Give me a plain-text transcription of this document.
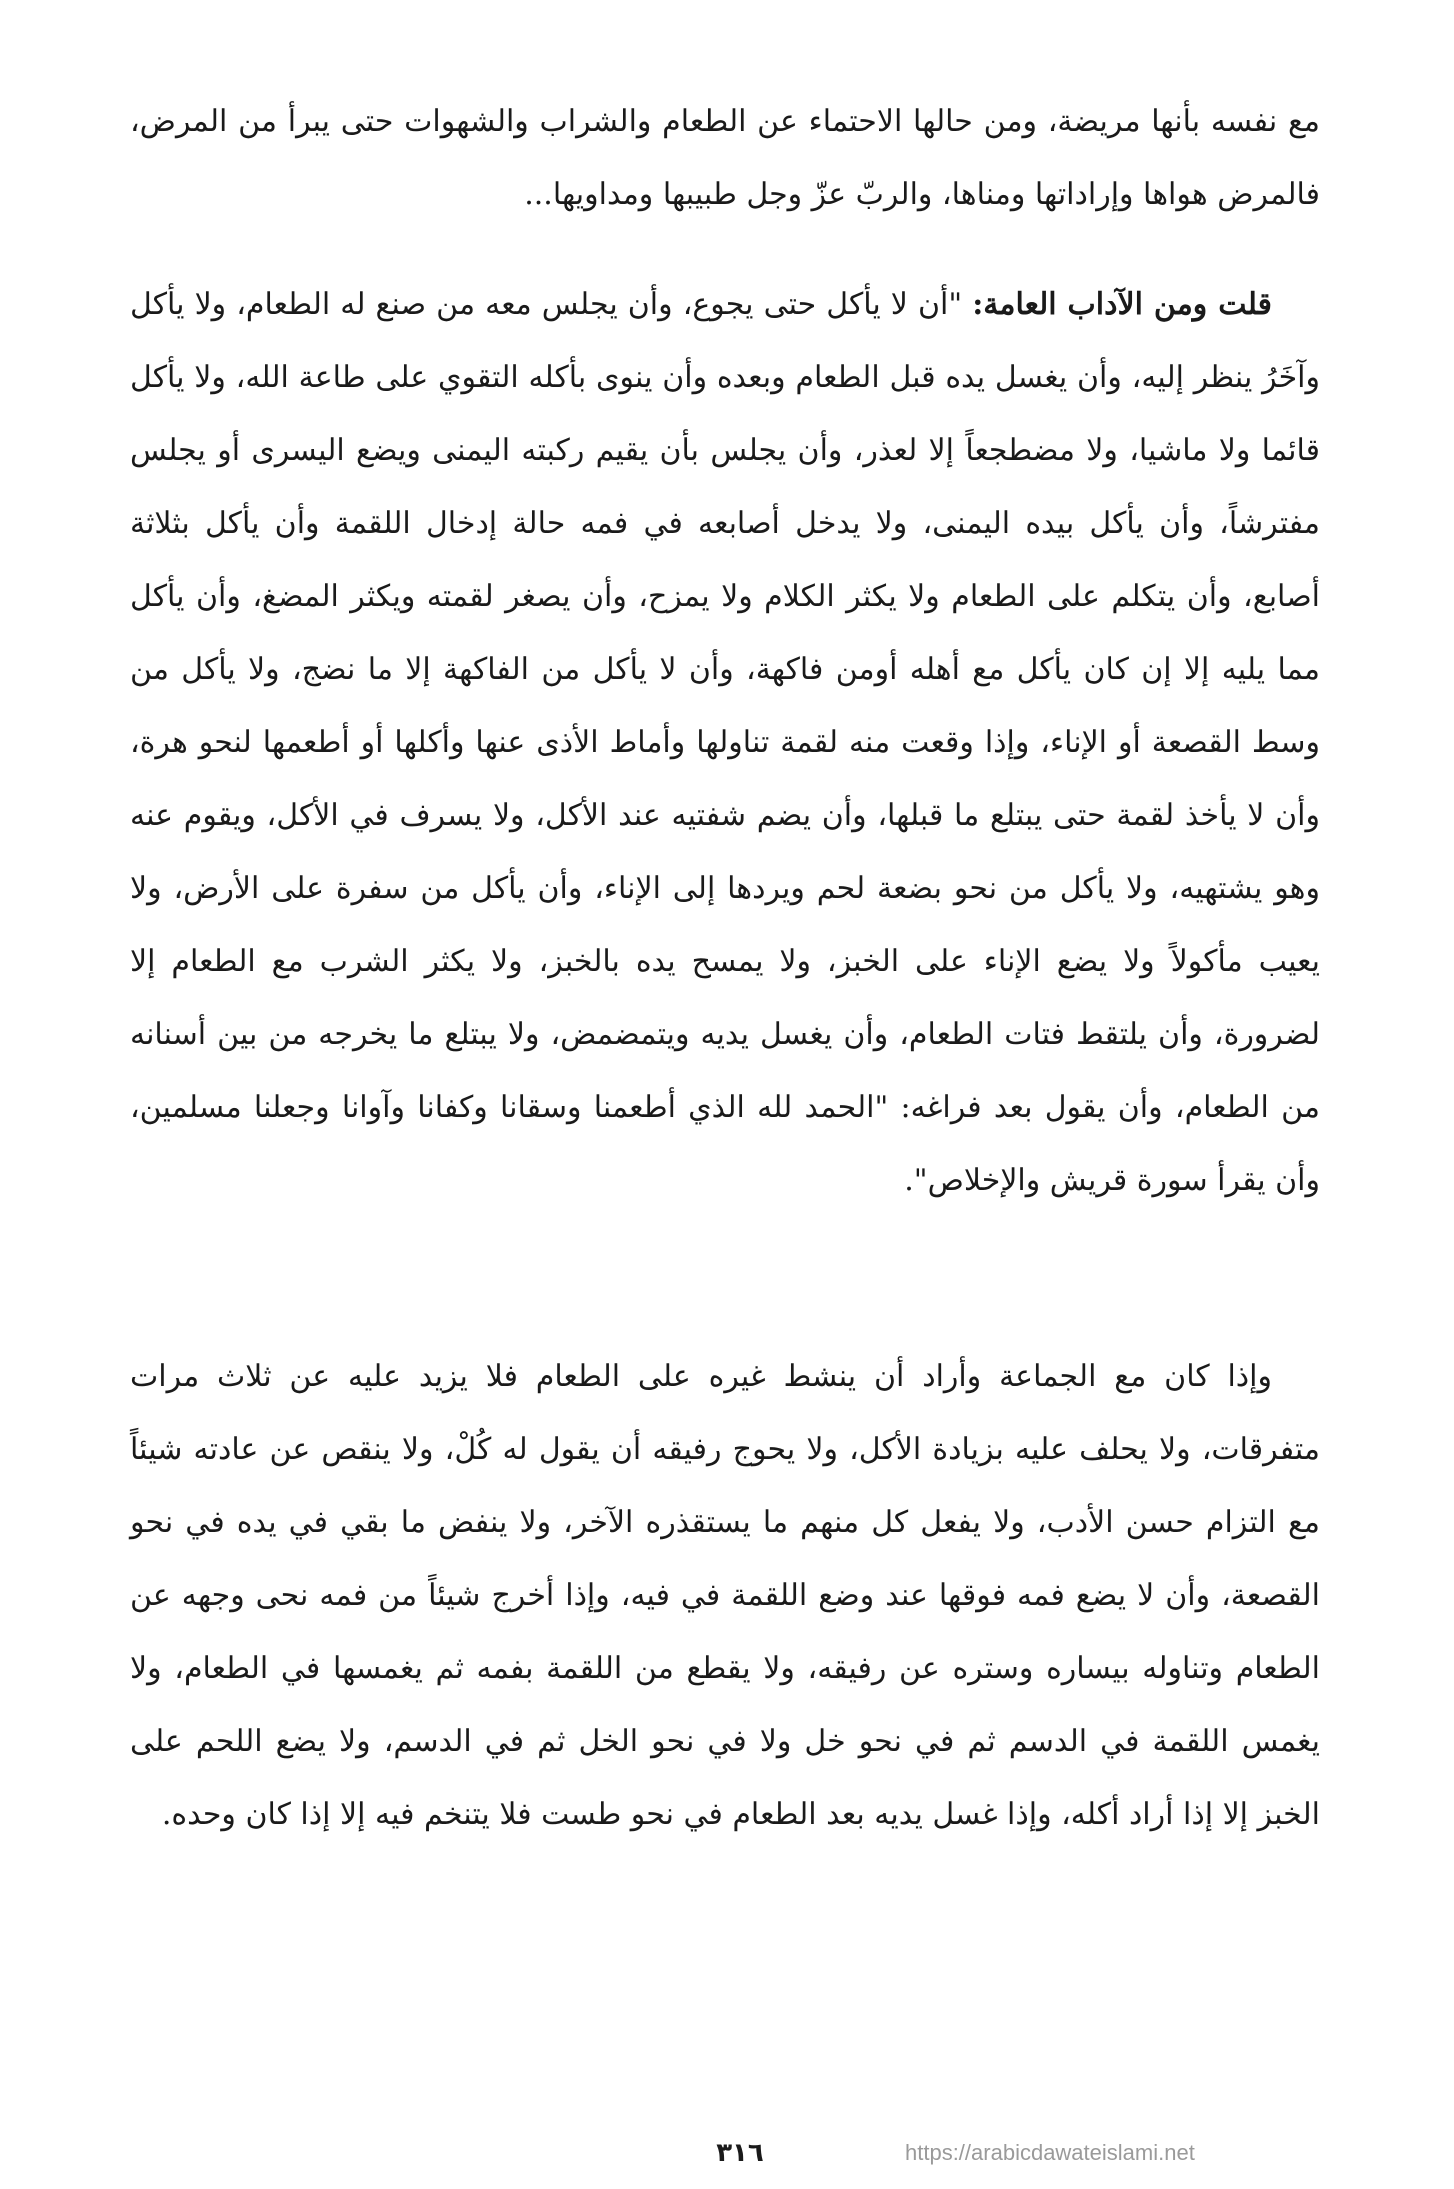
مع نفسه بأنها مريضة، ومن حالها الاحتماء عن الطعام والشراب والشهوات حتى يبرأ من المرض، فالمرض هواها وإراداتها ومناها، والربّ عزّ وجل طبيبها ومداويها...

قلت ومن الآداب العامة: "أن لا يأكل حتى يجوع، وأن يجلس معه من صنع له الطعام، ولا يأكل وآخَرُ ينظر إليه، وأن يغسل يده قبل الطعام وبعده وأن ينوى بأكله التقوي على طاعة الله، ولا يأكل قائما ولا ماشيا، ولا مضطجعاً إلا لعذر، وأن يجلس بأن يقيم ركبته اليمنى ويضع اليسرى أو يجلس مفترشاً، وأن يأكل بيده اليمنى، ولا يدخل أصابعه في فمه حالة إدخال اللقمة وأن يأكل بثلاثة أصابع، وأن يتكلم على الطعام ولا يكثر الكلام ولا يمزح، وأن يصغر لقمته ويكثر المضغ، وأن يأكل مما يليه إلا إن كان يأكل مع أهله أومن فاكهة، وأن لا يأكل من الفاكهة إلا ما نضج، ولا يأكل من وسط القصعة أو الإناء، وإذا وقعت منه لقمة تناولها وأماط الأذى عنها وأكلها أو أطعمها لنحو هرة، وأن لا يأخذ لقمة حتى يبتلع ما قبلها، وأن يضم شفتيه عند الأكل، ولا يسرف في الأكل، ويقوم عنه وهو يشتهيه، ولا يأكل من نحو بضعة لحم ويردها إلى الإناء، وأن يأكل من سفرة على الأرض، ولا يعيب مأكولاً ولا يضع الإناء على الخبز، ولا يمسح يده بالخبز، ولا يكثر الشرب مع الطعام إلا لضرورة، وأن يلتقط فتات الطعام، وأن يغسل يديه ويتمضمض، ولا يبتلع ما يخرجه من بين أسنانه من الطعام، وأن يقول بعد فراغه: "الحمد لله الذي أطعمنا وسقانا وكفانا وآوانا وجعلنا مسلمين، وأن يقرأ سورة قريش والإخلاص".

وإذا كان مع الجماعة وأراد أن ينشط غيره على الطعام فلا يزيد عليه عن ثلاث مرات متفرقات، ولا يحلف عليه بزيادة الأكل، ولا يحوج رفيقه أن يقول له كُلْ، ولا ينقص عن عادته شيئاً مع التزام حسن الأدب، ولا يفعل كل منهم ما يستقذره الآخر، ولا ينفض ما بقي في يده في نحو القصعة، وأن لا يضع فمه فوقها عند وضع اللقمة في فيه، وإذا أخرج شيئاً من فمه نحى وجهه عن الطعام وتناوله بيساره وستره عن رفيقه، ولا يقطع من اللقمة بفمه ثم يغمسها في الطعام، ولا يغمس اللقمة في الدسم ثم في نحو خل ولا في نحو الخل ثم في الدسم، ولا يضع اللحم على الخبز إلا إذا أراد أكله، وإذا غسل يديه بعد الطعام في نحو طست فلا يتنخم فيه إلا إذا كان وحده.

٣١٦	https://arabicdawateislami.net
